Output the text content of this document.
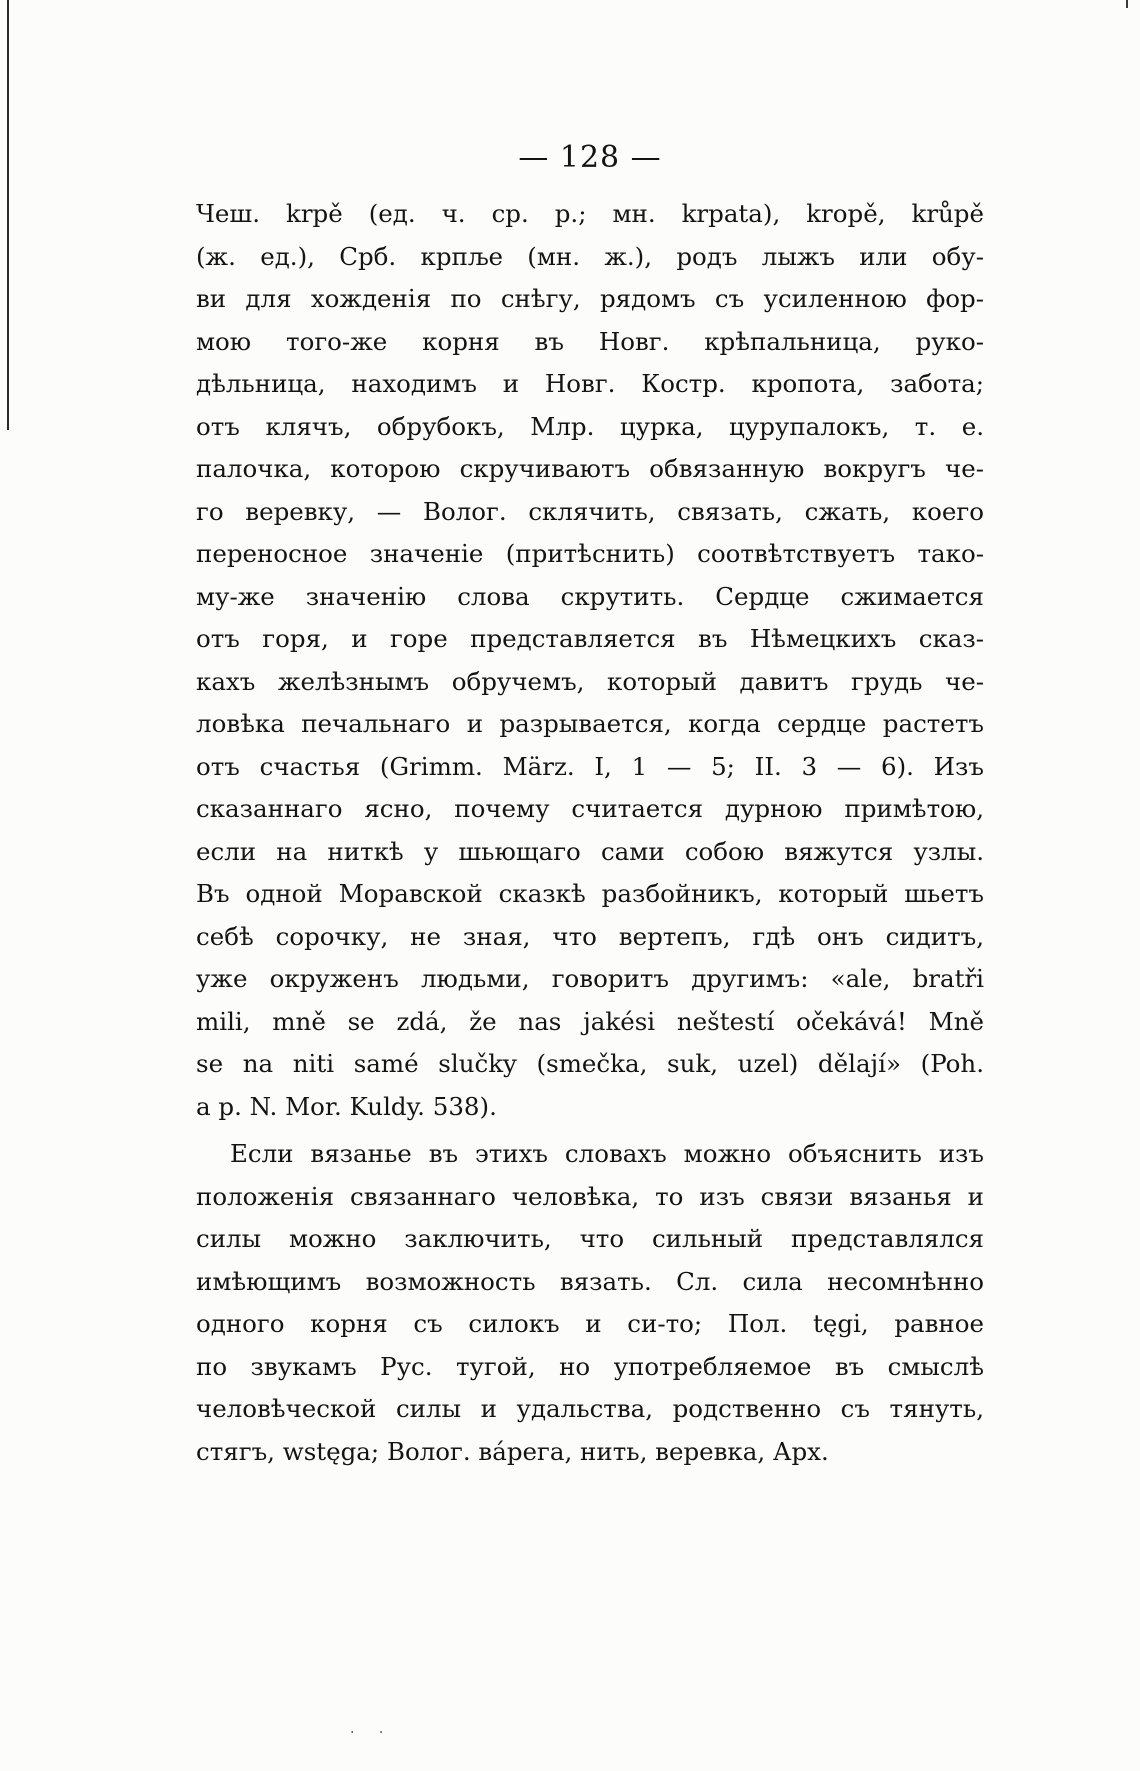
— 128 —
Чеш. krpě (ед. ч. ср. р.; мн. krpata), kropě, krůpě
(ж. ед.), Срб. крпље (мн. ж.), родъ лыжъ или обу-
ви для хожденія по снѣгу, рядомъ съ усиленною фор-
мою того-же корня въ Новг. крѣпальница, руко-
дѣльница, находимъ и Новг. Костр. кропота, забота;
отъ клячъ, обрубокъ, Млр. цурка, цурупалокъ, т. е.
палочка, которою скручиваютъ обвязанную вокругъ че-
го веревку, — Волог. склячить, связать, сжать, коего
переносное значеніе (притѣснить) соотвѣтствуетъ тако-
му-же значенію слова скрутить. Сердце сжимается
отъ горя, и горе представляется въ Нѣмецкихъ сказ-
кахъ желѣзнымъ обручемъ, который давитъ грудь че-
ловѣка печальнаго и разрывается, когда сердце растетъ
отъ счастья (Grimm. März. I, 1 — 5; II. 3 — 6). Изъ
сказаннаго ясно, почему считается дурною примѣтою,
если на ниткѣ у шьющаго сами собою вяжутся узлы.
Въ одной Моравской сказкѣ разбойникъ, который шьетъ
себѣ сорочку, не зная, что вертепъ, гдѣ онъ сидитъ,
уже окруженъ людьми, говоритъ другимъ: «ale, bratři
mili, mně se zdá, že nas jakési neštestí očekává! Mně
se na niti samé slučky (smečka, suk, uzel) dělají» (Poh.
a p. N. Mor. Kuldy. 538).
Если вязанье въ этихъ словахъ можно объяснить изъ
положенія связаннаго человѣка, то изъ связи вязанья и
силы можно заключить, что сильный представлялся
имѣющимъ возможность вязать. Сл. сила несомнѣнно
одного корня съ силокъ и си-то; Пол. tęgi, равное
по звукамъ Рус. тугой, но употребляемое въ смыслѣ
человѣческой силы и удальства, родственно съ тянуть,
стягъ, wstęga; Волог. вáрега, нить, веревка, Арх.
· ·
